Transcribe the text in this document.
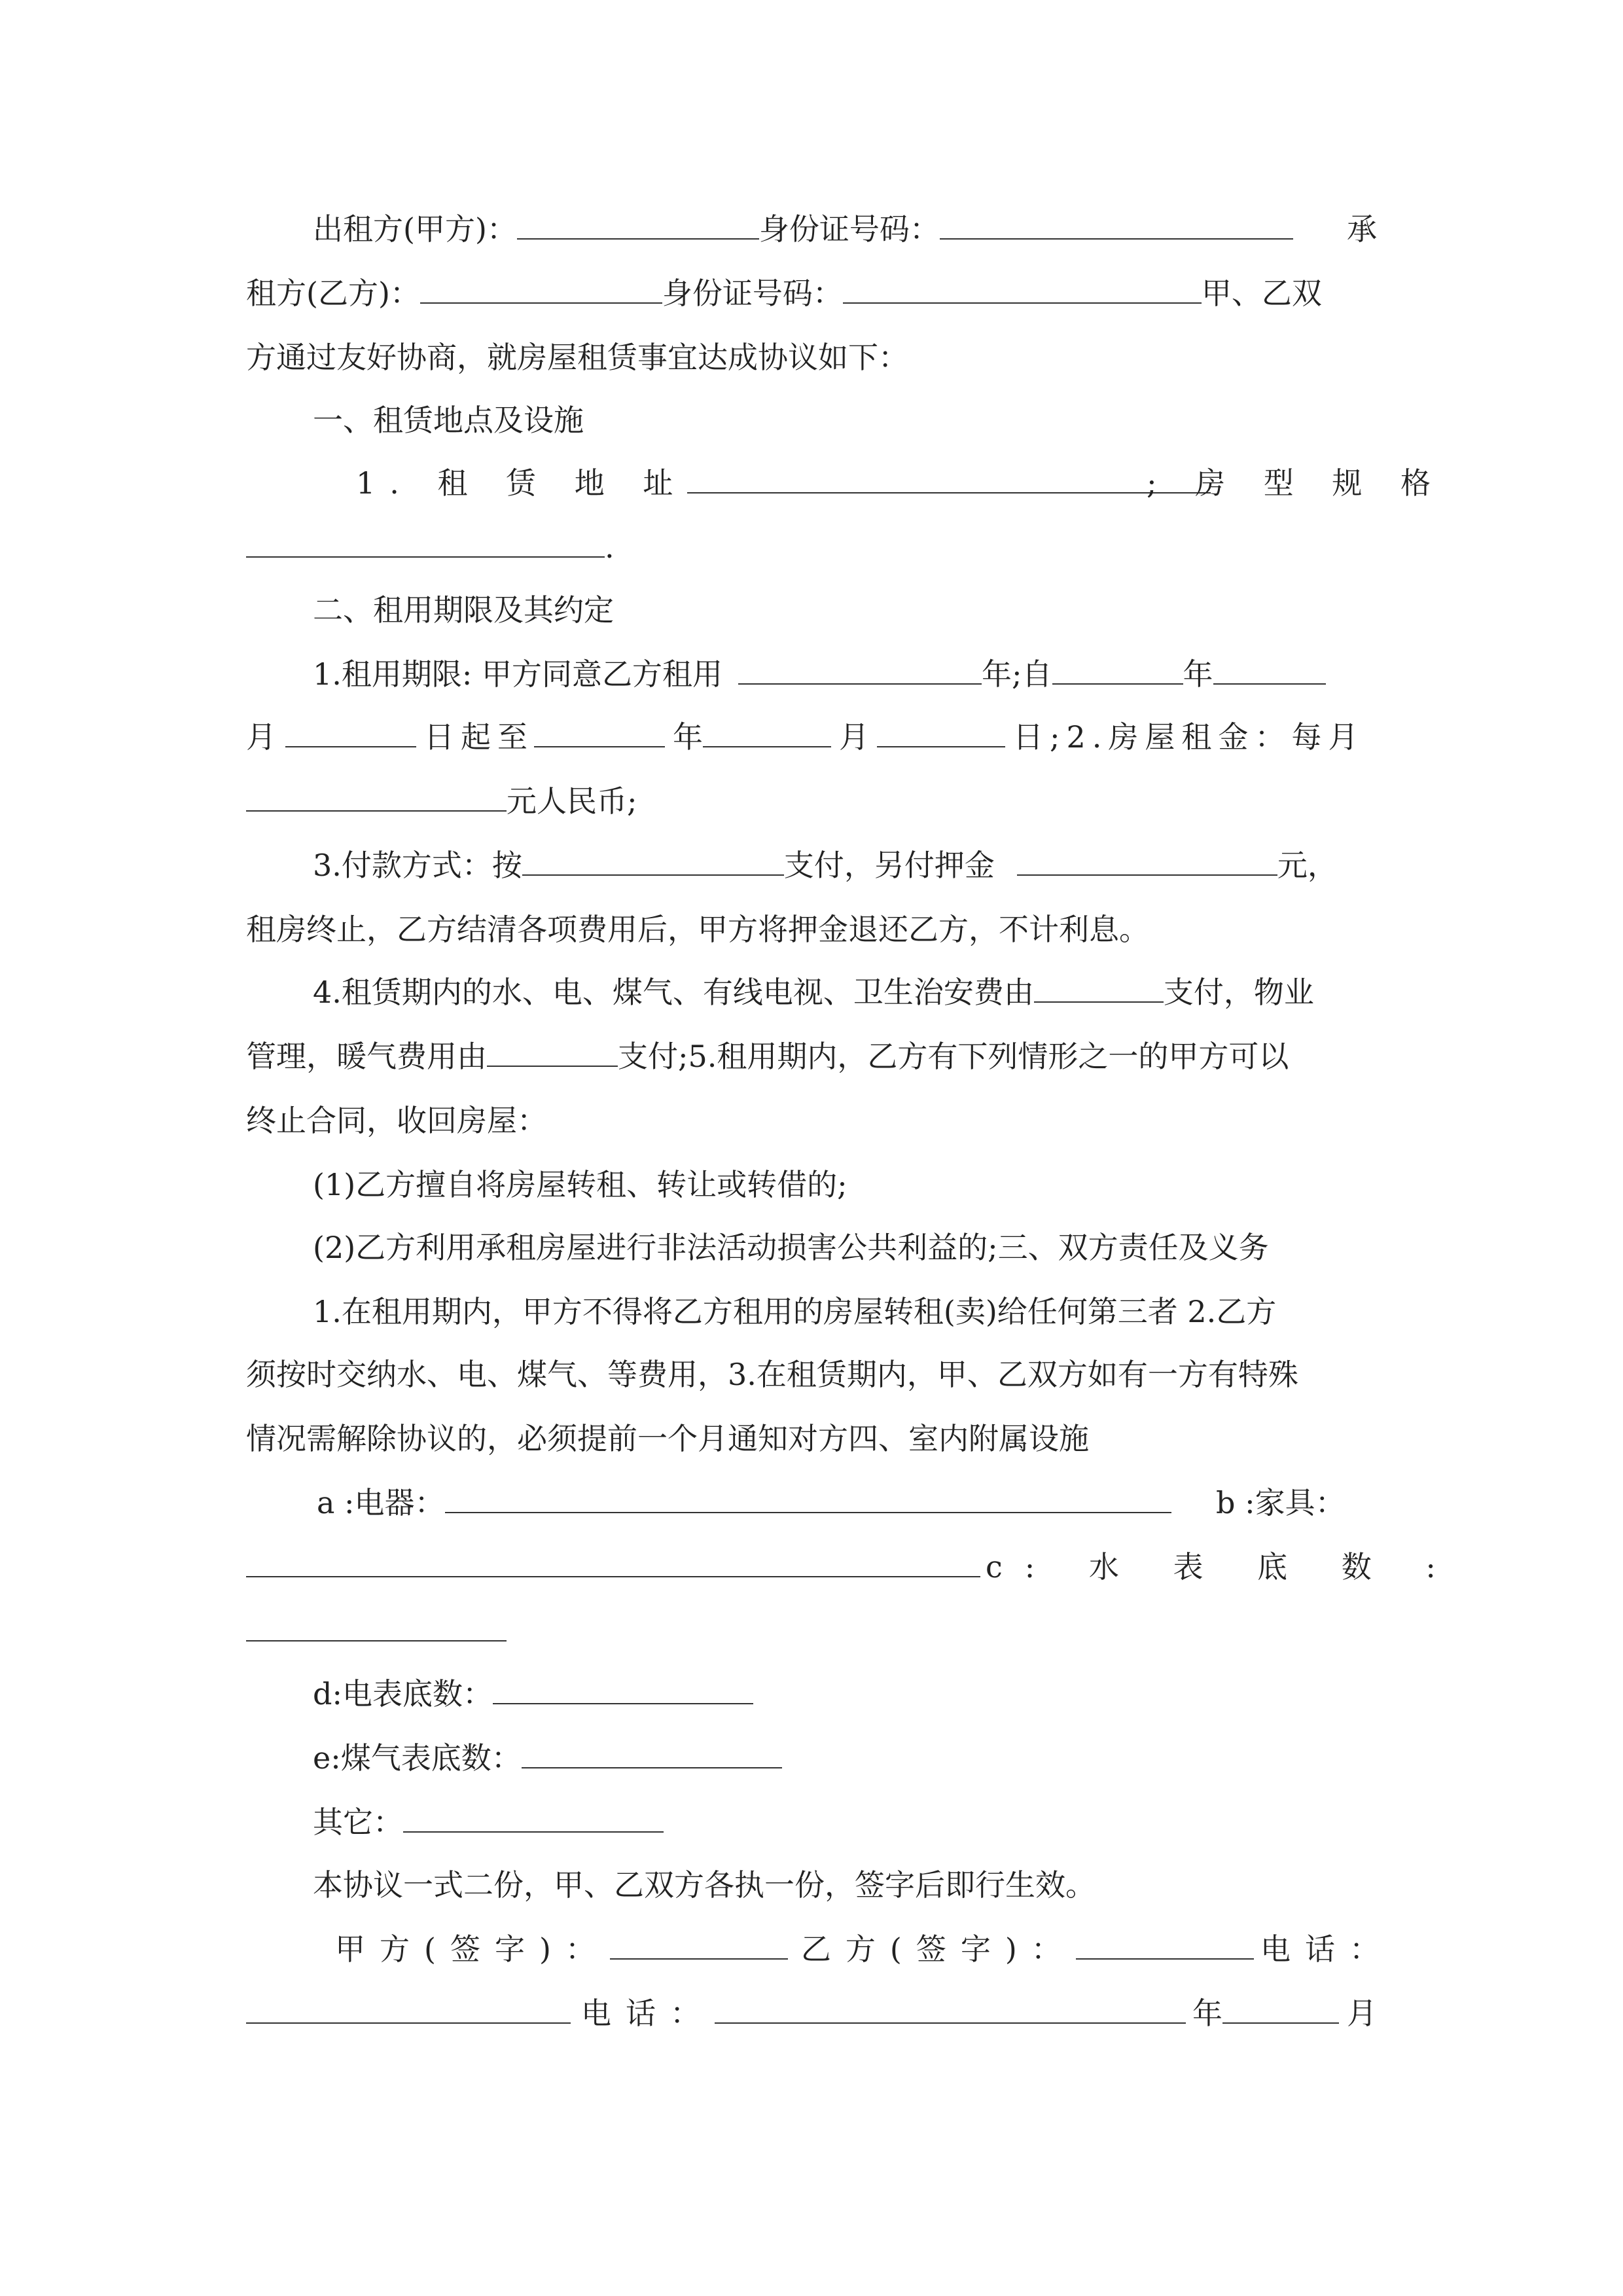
出租方(甲方)：	身份证号码：	承
租方(乙方)：	身份证号码：	甲、乙双
方通过友好协商，就房屋租赁事宜达成协议如下：
一、租赁地点及设施
1. 租 赁 地 址	; 房 型 规 格
.
二、租用期限及其约定
1.租用期限: 甲方同意乙方租用	年;自	年
月	日起至	年	月	日;2.房屋租金：每月
元人民币;
3.付款方式：按	支付，另付押金	元，
租房终止，乙方结清各项费用后，甲方将押金退还乙方，不计利息。
4.租赁期内的水、电、煤气、有线电视、卫生治安费由	支付，物业
管理，暖气费用由	支付;5.租用期内，乙方有下列情形之一的甲方可以
终止合同，收回房屋：
(1)乙方擅自将房屋转租、转让或转借的;
(2)乙方利用承租房屋进行非法活动损害公共利益的;三、双方责任及义务
1.在租用期内，甲方不得将乙方租用的房屋转租(卖)给任何第三者 2.乙方
须按时交纳水、电、煤气、等费用，3.在租赁期内，甲、乙双方如有一方有特殊
情况需解除协议的，必须提前一个月通知对方四、室内附属设施
a :电器：	b :家具：
c: 水 表 底 数 :
d:电表底数：
e:煤气表底数：
其它：
本协议一式二份，甲、乙双方各执一份，签字后即行生效。
甲方(签字)：	乙方(签字)：	电话：
电话：	年	月
